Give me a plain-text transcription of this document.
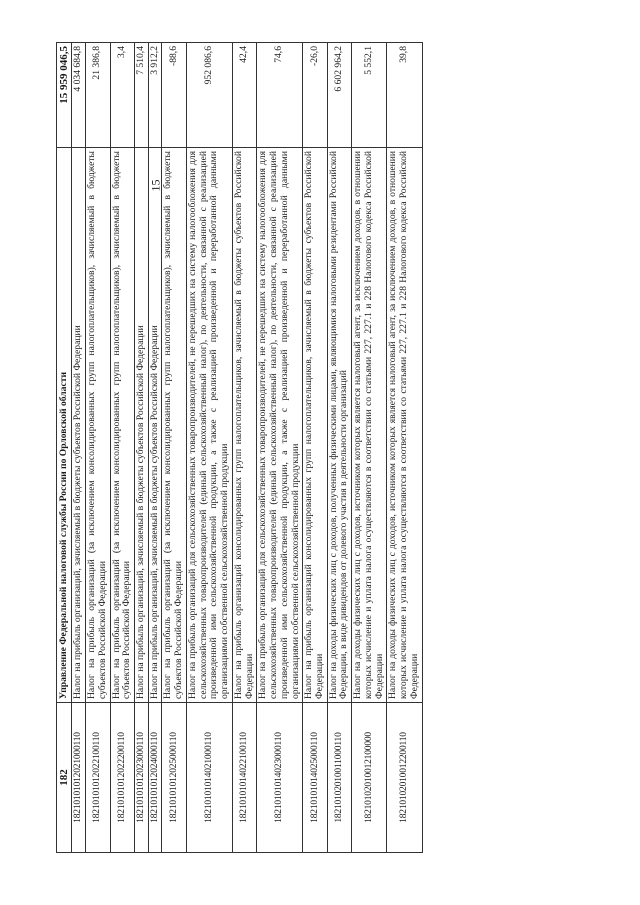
15
182	Управление Федеральной налоговой службы России по Орловской области	15 959 046,5
18210101012021000110	Налог на прибыль организаций, зачисляемый в бюджеты субъектов Российской Федерации	4 034 684,8
18210101012022100110	Налог на прибыль организаций (за исключением консолидированных групп налогоплательщиков), зачисляемый в бюджеты субъектов Российской Федерации	21 386,8
18210101012022200110	Налог на прибыль организаций (за исключением консолидированных групп налогоплательщиков), зачисляемый в бюджеты субъектов Российской Федерации	3,4
18210101012023000110	Налог на прибыль организаций, зачисляемый в бюджеты субъектов Российской Федерации	7 510,4
18210101012024000110	Налог на прибыль организаций, зачисляемый в бюджеты субъектов Российской Федерации	3 912,2
18210101012025000110	Налог на прибыль организаций (за исключением консолидированных групп налогоплательщиков), зачисляемый в бюджеты субъектов Российской Федерации	-88,6
18210101014021000110	Налог на прибыль организаций для сельскохозяйственных товаропроизводителей, не перешедших на систему налогообложения для сельскохозяйственных товаропроизводителей (единый сельскохозяйственный налог), по деятельности, связанной с реализацией произведенной ими сельскохозяйственной продукции, а также с реализацией произведенной и переработанной данными организациями собственной сельскохозяйственной продукции	952 086,6
18210101014022100110	Налог на прибыль организаций консолидированных групп налогоплательщиков, зачисляемый в бюджеты субъектов Российской Федерации	42,4
18210101014023000110	Налог на прибыль организаций для сельскохозяйственных товаропроизводителей, не перешедших на систему налогообложения для сельскохозяйственных товаропроизводителей (единый сельскохозяйственный налог), по деятельности, связанной с реализацией произведенной ими сельскохозяйственной продукции, а также с реализацией произведенной и переработанной данными организациями собственной сельскохозяйственной продукции	74,6
18210101014025000110	Налог на прибыль организаций консолидированных групп налогоплательщиков, зачисляемый в бюджеты субъектов Российской Федерации	-26,0
18210102010011000110	Налог на доходы физических лиц с доходов, полученных физическими лицами, являющимися налоговыми резидентами Российской Федерации, в виде дивидендов от долевого участия в деятельности организаций	6 602 964,2
18210102010012100000	Налог на доходы физических лиц с доходов, источником которых является налоговый агент, за исключением доходов, в отношении которых исчисление и уплата налога осуществляются в соответствии со статьями 227, 227.1 и 228 Налогового кодекса Российской Федерации	5 552,1
18210102010012200110	Налог на доходы физических лиц с доходов, источником которых является налоговый агент, за исключением доходов, в отношении которых исчисление и уплата налога осуществляются в соответствии со статьями 227, 227.1 и 228 Налогового кодекса Российской Федерации	39,8
